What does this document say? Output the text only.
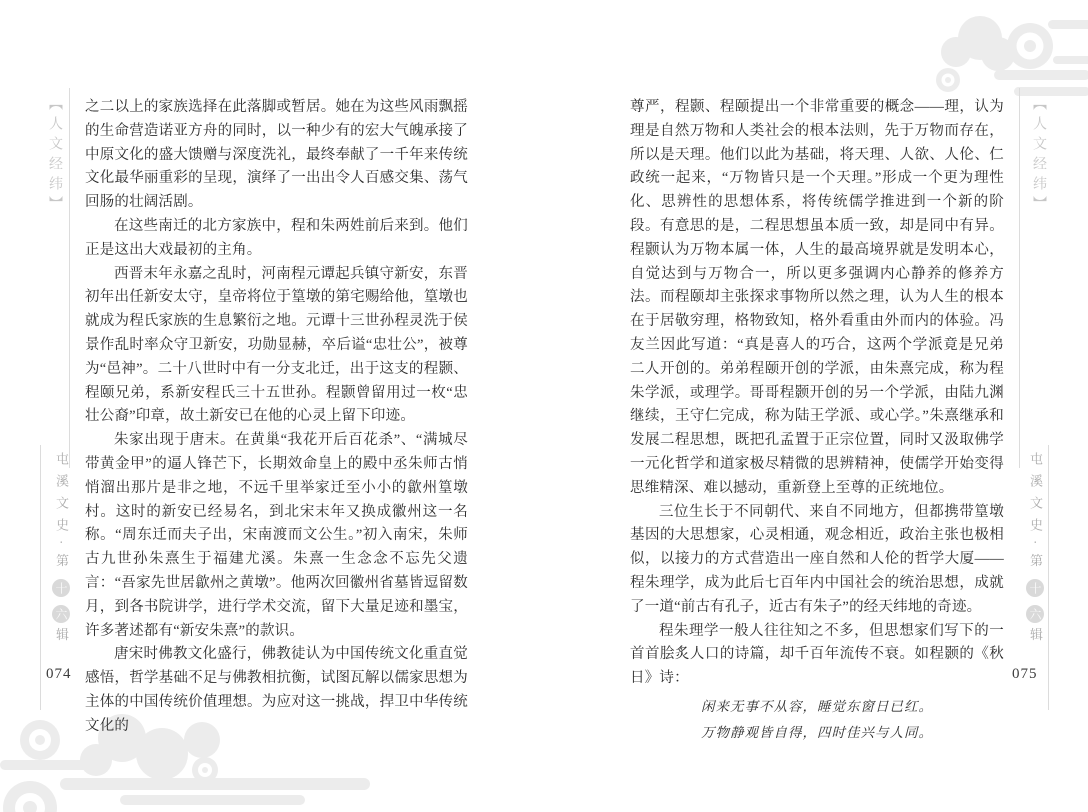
【人文经纬】
屯溪文史·第十六辑
【人文经纬】
屯溪文史·第十六辑

之二以上的家族选择在此落脚或暂居。她在为这些风雨飘摇的生命营造诺亚方舟的同时，以一种少有的宏大气魄承接了中原文化的盛大馈赠与深度洗礼，最终奉献了一千年来传统文化最华丽重彩的呈现，演绎了一出出令人百感交集、荡气回肠的壮阔活剧。

在这些南迁的北方家族中，程和朱两姓前后来到。他们正是这出大戏最初的主角。

西晋末年永嘉之乱时，河南程元谭起兵镇守新安，东晋初年出任新安太守，皇帝将位于篁墩的第宅赐给他，篁墩也就成为程氏家族的生息繁衍之地。元谭十三世孙程灵洗于侯景作乱时率众守卫新安，功勋显赫，卒后谥“忠壮公”，被尊为“邑神”。二十八世时中有一分支北迁，出于这支的程颢、程颐兄弟，系新安程氏三十五世孙。程颢曾留用过一枚“忠壮公裔”印章，故土新安已在他的心灵上留下印迹。

朱家出现于唐末。在黄巢“我花开后百花杀”、“满城尽带黄金甲”的逼人锋芒下，长期效命皇上的殿中丞朱师古悄悄溜出那片是非之地，不远千里举家迁至小小的歙州篁墩村。这时的新安已经易名，到北宋末年又换成徽州这一名称。“周东迁而夫子出，宋南渡而文公生。”初入南宋，朱师古九世孙朱熹生于福建尤溪。朱熹一生念念不忘先父遗言：“吾家先世居歙州之黄墩”。他两次回徽州省墓皆逗留数月，到各书院讲学，进行学术交流，留下大量足迹和墨宝，许多著述都有“新安朱熹”的款识。

唐宋时佛教文化盛行，佛教徒认为中国传统文化重直觉感悟，哲学基础不足与佛教相抗衡，试图瓦解以儒家思想为主体的中国传统价值理想。为应对这一挑战，捍卫中华传统文化的

尊严，程颢、程颐提出一个非常重要的概念——理，认为理是自然万物和人类社会的根本法则，先于万物而存在，所以是天理。他们以此为基础，将天理、人欲、人伦、仁政统一起来，“万物皆只是一个天理。”形成一个更为理性化、思辨性的思想体系，将传统儒学推进到一个新的阶段。有意思的是，二程思想虽本质一致，却是同中有异。程颢认为万物本属一体，人生的最高境界就是发明本心，自觉达到与万物合一，所以更多强调内心静养的修养方法。而程颐却主张探求事物所以然之理，认为人生的根本在于居敬穷理，格物致知，格外看重由外而内的体验。冯友兰因此写道：“真是喜人的巧合，这两个学派竟是兄弟二人开创的。弟弟程颐开创的学派，由朱熹完成，称为程朱学派，或理学。哥哥程颢开创的另一个学派，由陆九渊继续，王守仁完成，称为陆王学派、或心学。”朱熹继承和发展二程思想，既把孔孟置于正宗位置，同时又汲取佛学一元化哲学和道家极尽精微的思辨精神，使儒学开始变得思维精深、难以撼动，重新登上至尊的正统地位。

三位生长于不同朝代、来自不同地方，但都携带篁墩基因的大思想家，心灵相通，观念相近，政治主张也极相似，以接力的方式营造出一座自然和人伦的哲学大厦——程朱理学，成为此后七百年内中国社会的统治思想，成就了一道“前古有孔子，近古有朱子”的经天纬地的奇迹。

程朱理学一般人往往知之不多，但思想家们写下的一首首脍炙人口的诗篇，却千百年流传不衰。如程颢的《秋日》诗：

闲来无事不从容，睡觉东窗日已红。
万物静观皆自得，四时佳兴与人同。
074	075
